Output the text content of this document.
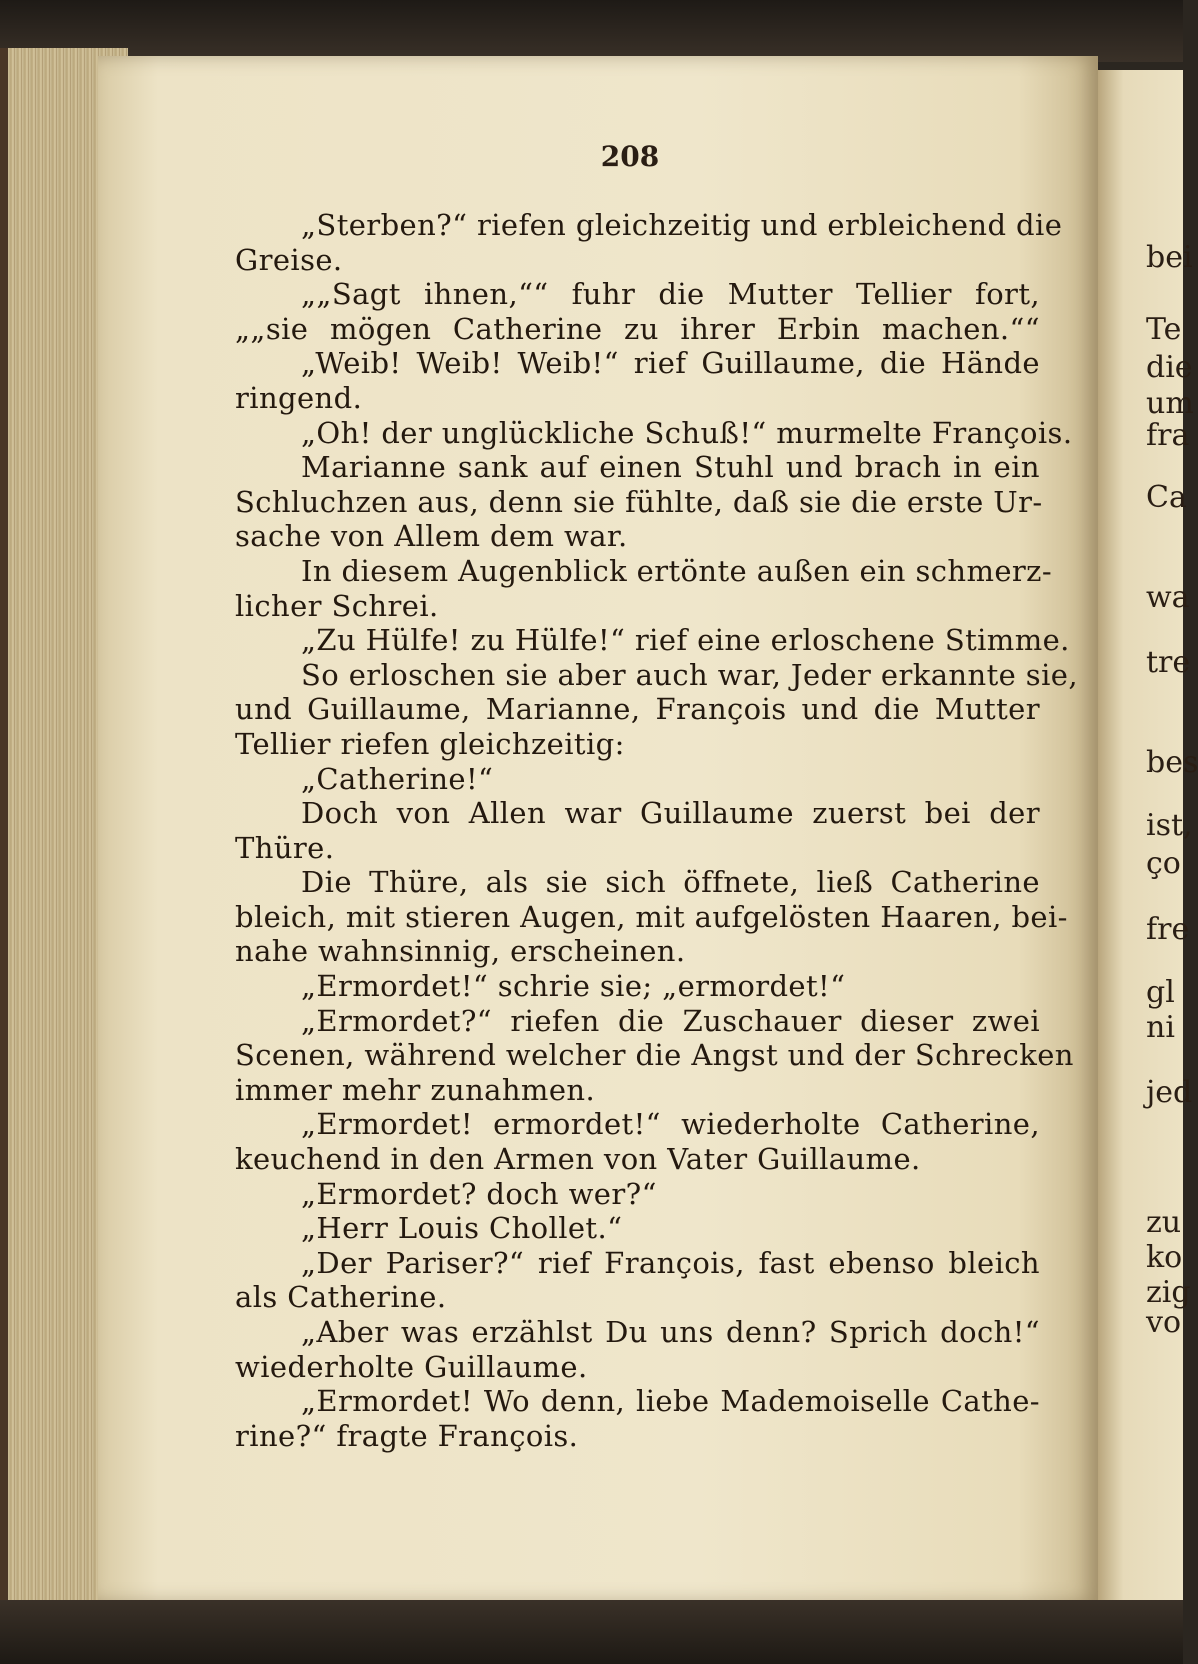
208
„Sterben?“ riefen gleichzeitig und erbleichend die
Greise.
„„Sagt ihnen,““ fuhr die Mutter Tellier fort,
„„sie mögen Catherine zu ihrer Erbin machen.““
„Weib! Weib! Weib!“ rief Guillaume, die Hände
ringend.
„Oh! der unglückliche Schuß!“ murmelte François.
Marianne sank auf einen Stuhl und brach in ein
Schluchzen aus, denn sie fühlte, daß sie die erste Ur-
sache von Allem dem war.
In diesem Augenblick ertönte außen ein schmerz-
licher Schrei.
„Zu Hülfe! zu Hülfe!“ rief eine erloschene Stimme.
So erloschen sie aber auch war, Jeder erkannte sie,
und Guillaume, Marianne, François und die Mutter
Tellier riefen gleichzeitig:
„Catherine!“
Doch von Allen war Guillaume zuerst bei der
Thüre.
Die Thüre, als sie sich öffnete, ließ Catherine
bleich, mit stieren Augen, mit aufgelösten Haaren, bei-
nahe wahnsinnig, erscheinen.
„Ermordet!“ schrie sie; „ermordet!“
„Ermordet?“ riefen die Zuschauer dieser zwei
Scenen, während welcher die Angst und der Schrecken
immer mehr zunahmen.
„Ermordet! ermordet!“ wiederholte Catherine,
keuchend in den Armen von Vater Guillaume.
„Ermordet? doch wer?“
„Herr Louis Chollet.“
„Der Pariser?“ rief François, fast ebenso bleich
als Catherine.
„Aber was erzählst Du uns denn? Sprich doch!“
wiederholte Guillaume.
„Ermordet! Wo denn, liebe Mademoiselle Cathe-
rine?“ fragte François.
bei
Te
die
um
fra
Ca
wa
tre
bes
ist,
ço
fre
gl
ni
jed
zu
ko
zig
vo
